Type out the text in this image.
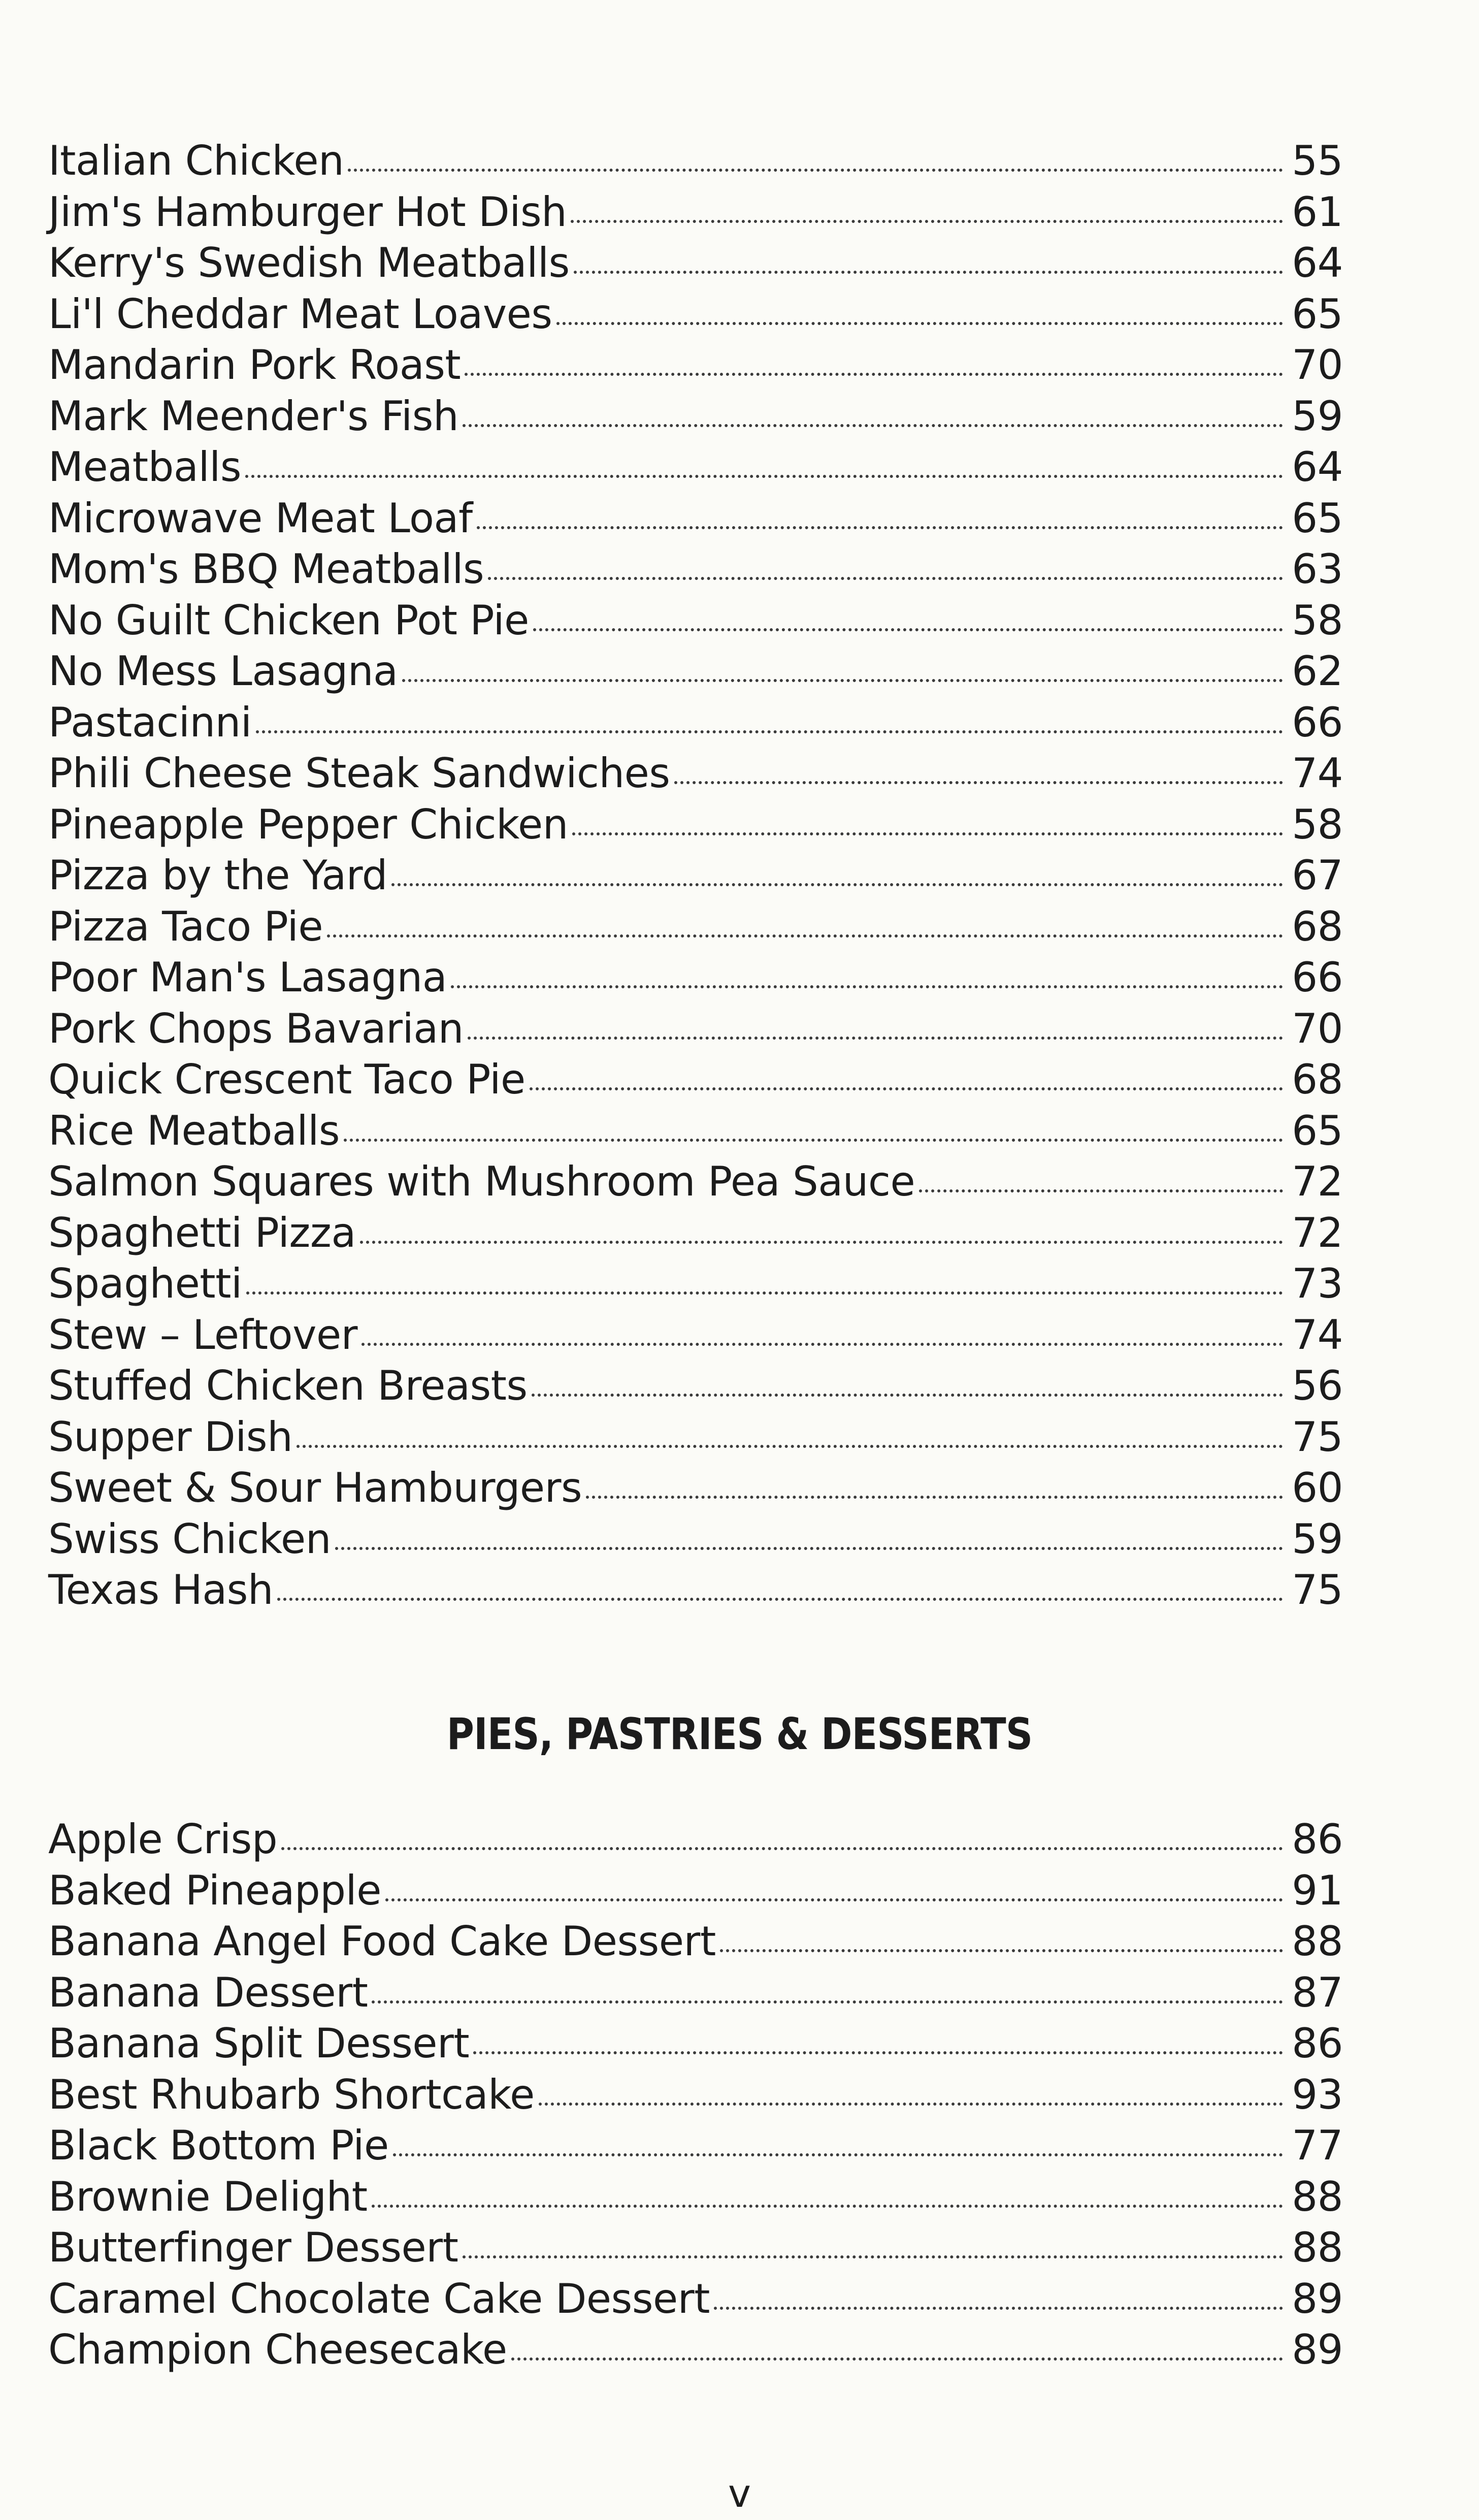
Italian Chicken	55
Jim's Hamburger Hot Dish	61
Kerry's Swedish Meatballs	64
Li'l Cheddar Meat Loaves	65
Mandarin Pork Roast	70
Mark Meender's Fish	59
Meatballs	64
Microwave Meat Loaf	65
Mom's BBQ Meatballs	63
No Guilt Chicken Pot Pie	58
No Mess Lasagna	62
Pastacinni	66
Phili Cheese Steak Sandwiches	74
Pineapple Pepper Chicken	58
Pizza by the Yard	67
Pizza Taco Pie	68
Poor Man's Lasagna	66
Pork Chops Bavarian	70
Quick Crescent Taco Pie	68
Rice Meatballs	65
Salmon Squares with Mushroom Pea Sauce	72
Spaghetti Pizza	72
Spaghetti	73
Stew – Leftover	74
Stuffed Chicken Breasts	56
Supper Dish	75
Sweet & Sour Hamburgers	60
Swiss Chicken	59
Texas Hash	75
PIES, PASTRIES & DESSERTS
Apple Crisp	86
Baked Pineapple	91
Banana Angel Food Cake Dessert	88
Banana Dessert	87
Banana Split Dessert	86
Best Rhubarb Shortcake	93
Black Bottom Pie	77
Brownie Delight	88
Butterfinger Dessert	88
Caramel Chocolate Cake Dessert	89
Champion Cheesecake	89
v
